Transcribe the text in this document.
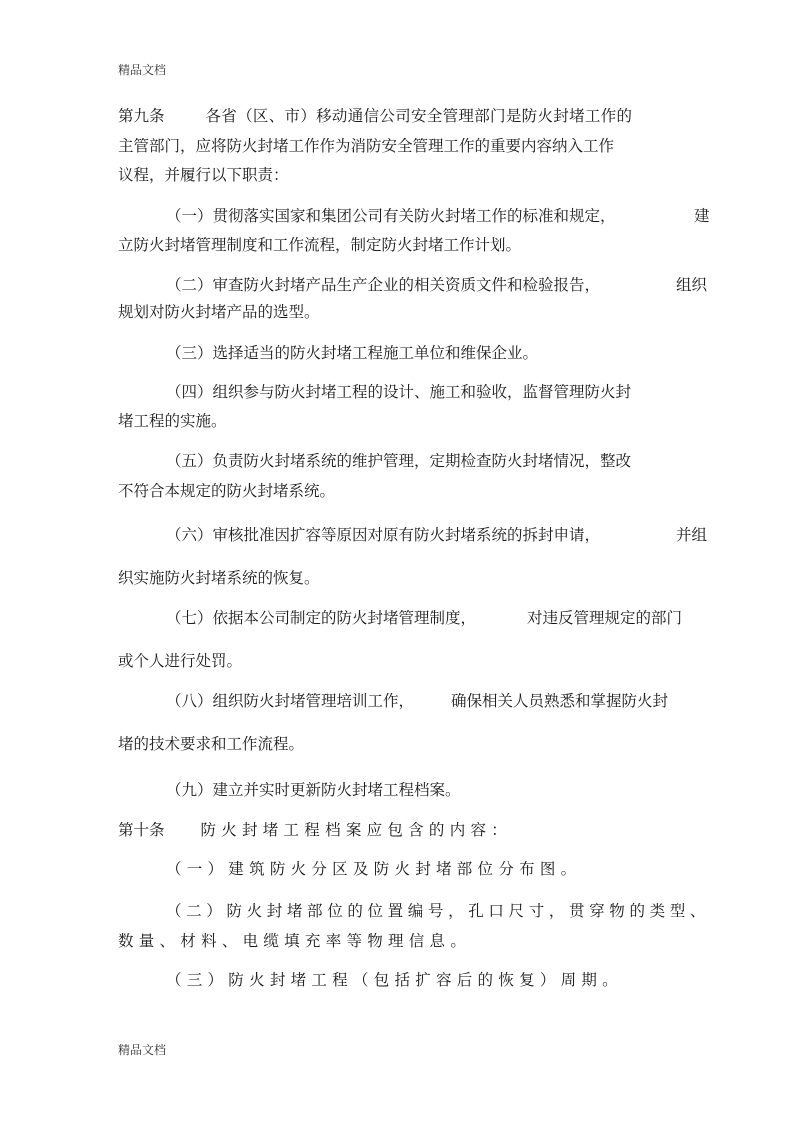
精品文档
第九条	各省（区、市）移动通信公司安全管理部门是防火封堵工作的
主管部门，应将防火封堵工作作为消防安全管理工作的重要内容纳入工作
议程，并履行以下职责：
（一）贯彻落实国家和集团公司有关防火封堵工作的标准和规定，	建
立防火封堵管理制度和工作流程，制定防火封堵工作计划。
（二）审查防火封堵产品生产企业的相关资质文件和检验报告，	组织
规划对防火封堵产品的选型。
（三）选择适当的防火封堵工程施工单位和维保企业。
（四）组织参与防火封堵工程的设计、施工和验收，监督管理防火封
堵工程的实施。
（五）负责防火封堵系统的维护管理，定期检查防火封堵情况，整改
不符合本规定的防火封堵系统。
（六）审核批准因扩容等原因对原有防火封堵系统的拆封申请，	并组
织实施防火封堵系统的恢复。
（七）依据本公司制定的防火封堵管理制度，	对违反管理规定的部门
或个人进行处罚。
（八）组织防火封堵管理培训工作， 确保相关人员熟悉和掌握防火封
堵的技术要求和工作流程。
（九）建立并实时更新防火封堵工程档案。
第十条 防火封堵工程档案应包含的内容：
（一）建筑防火分区及防火封堵部位分布图。
（二）防火封堵部位的位置编号，孔口尺寸，贯穿物的类型、
数量、材料、电缆填充率等物理信息。
（三）防火封堵工程（包括扩容后的恢复）周期。
精品文档
